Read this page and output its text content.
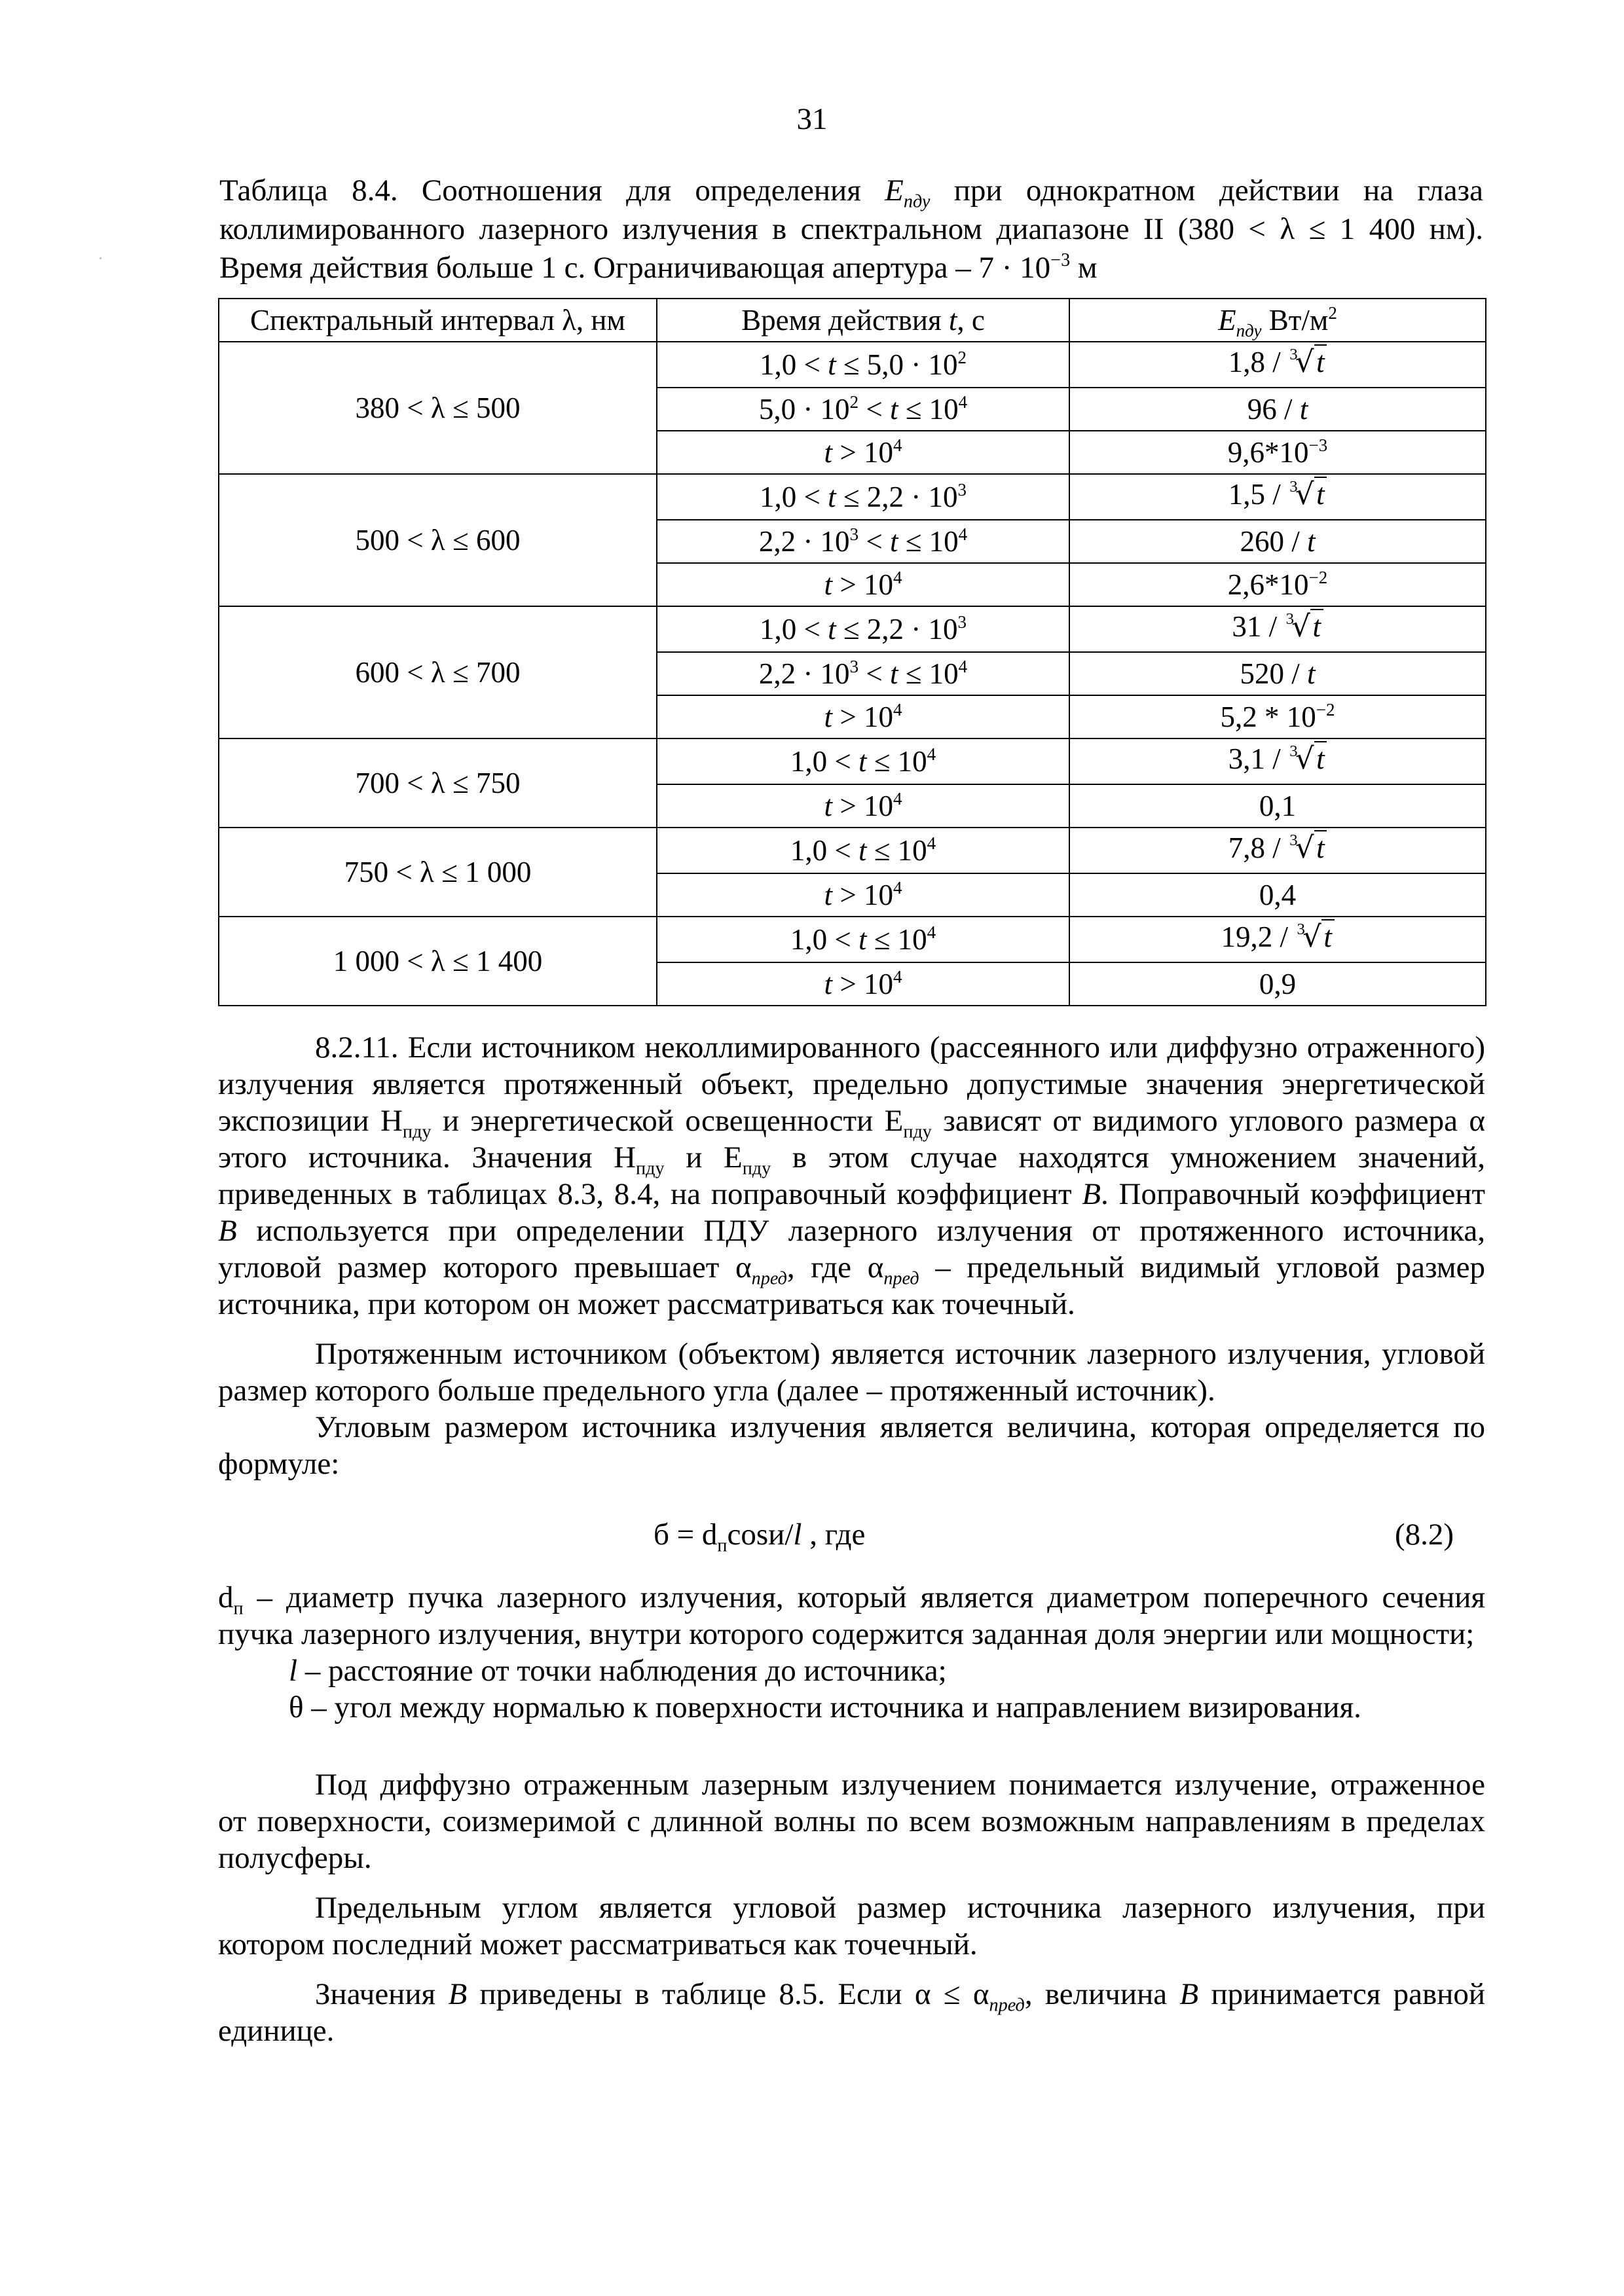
31
Таблица 8.4. Соотношения для определения $E_{пду}$ при однократном действии на глаза
коллимированного лазерного излучения в спектральном диапазоне II (380 < λ ≤ 1 400 нм).
Время действия больше 1 с. Ограничивающая апертура – $7 \cdot 10^{-3}$ м
Спектральный интервал λ, нм	Время действия t, с	$E_{пду}$ $Вт/м^2$
380 < λ ≤ 500	$1,0 < t \le 5,0 \cdot 10^2$	1,8 / $^3$√t
	$5,0 \cdot 10^2 < t \le 10^4$	96 / t
	$t > 10^4$	$9,6*10^{-3}$
500 < λ ≤ 600	$1,0 < t \le 2,2 \cdot 10^3$	1,5 / $^3$√t
	$2,2 \cdot 10^3 < t \le 10^4$	260 / t
	$t > 10^4$	$2,6*10^{-2}$
600 < λ ≤ 700	$1,0 < t \le 2,2 \cdot 10^3$	31 / $^3$√t
	$2,2 \cdot 10^3 < t \le 10^4$	520 / t
	$t > 10^4$	$5,2 * 10^{-2}$
700 < λ ≤ 750	$1,0 < t \le 10^4$	3,1 / $^3$√t
	$t > 10^4$	0,1
750 < λ ≤ 1 000	$1,0 < t \le 10^4$	7,8 / $^3$√t
	$t > 10^4$	0,4
1 000 < λ ≤ 1 400	$1,0 < t \le 10^4$	19,2 / $^3$√t
	$t > 10^4$	0,9

8.2.11. Если источником неколлимированного (рассеянного или диффузно отраженного) излучения является протяженный объект, предельно допустимые значения энергетической экспозиции $Н_{пду}$ и энергетической освещенности $Е_{пду}$ зависят от видимого углового размера α этого источника. Значения $Н_{пду}$ и $Е_{пду}$ в этом случае находятся умножением значений, приведенных в таблицах 8.3, 8.4, на поправочный коэффициент B. Поправочный коэффициент B используется при определении ПДУ лазерного излучения от протяженного источника, угловой размер которого превышает $\alpha_{пред}$, где $\alpha_{пред}$ – предельный видимый угловой размер источника, при котором он может рассматриваться как точечный.

Протяженным источником (объектом) является источник лазерного излучения, угловой размер которого больше предельного угла (далее – протяженный источник).

Угловым размером источника излучения является величина, которая определяется по формуле:

$б = d_п\cos и/l$ , где	(8.2)

$d_п$ – диаметр пучка лазерного излучения, который является диаметром поперечного сечения пучка лазерного излучения, внутри которого содержится заданная доля энергии или мощности;

l – расстояние от точки наблюдения до источника;

θ – угол между нормалью к поверхности источника и направлением визирования.

Под диффузно отраженным лазерным излучением понимается излучение, отраженное от поверхности, соизмеримой с длинной волны по всем возможным направлениям в пределах полусферы.

Предельным углом является угловой размер источника лазерного излучения, при котором последний может рассматриваться как точечный.

Значения B приведены в таблице 8.5. Если $\alpha \le \alpha_{пред}$, величина B принимается равной единице.
